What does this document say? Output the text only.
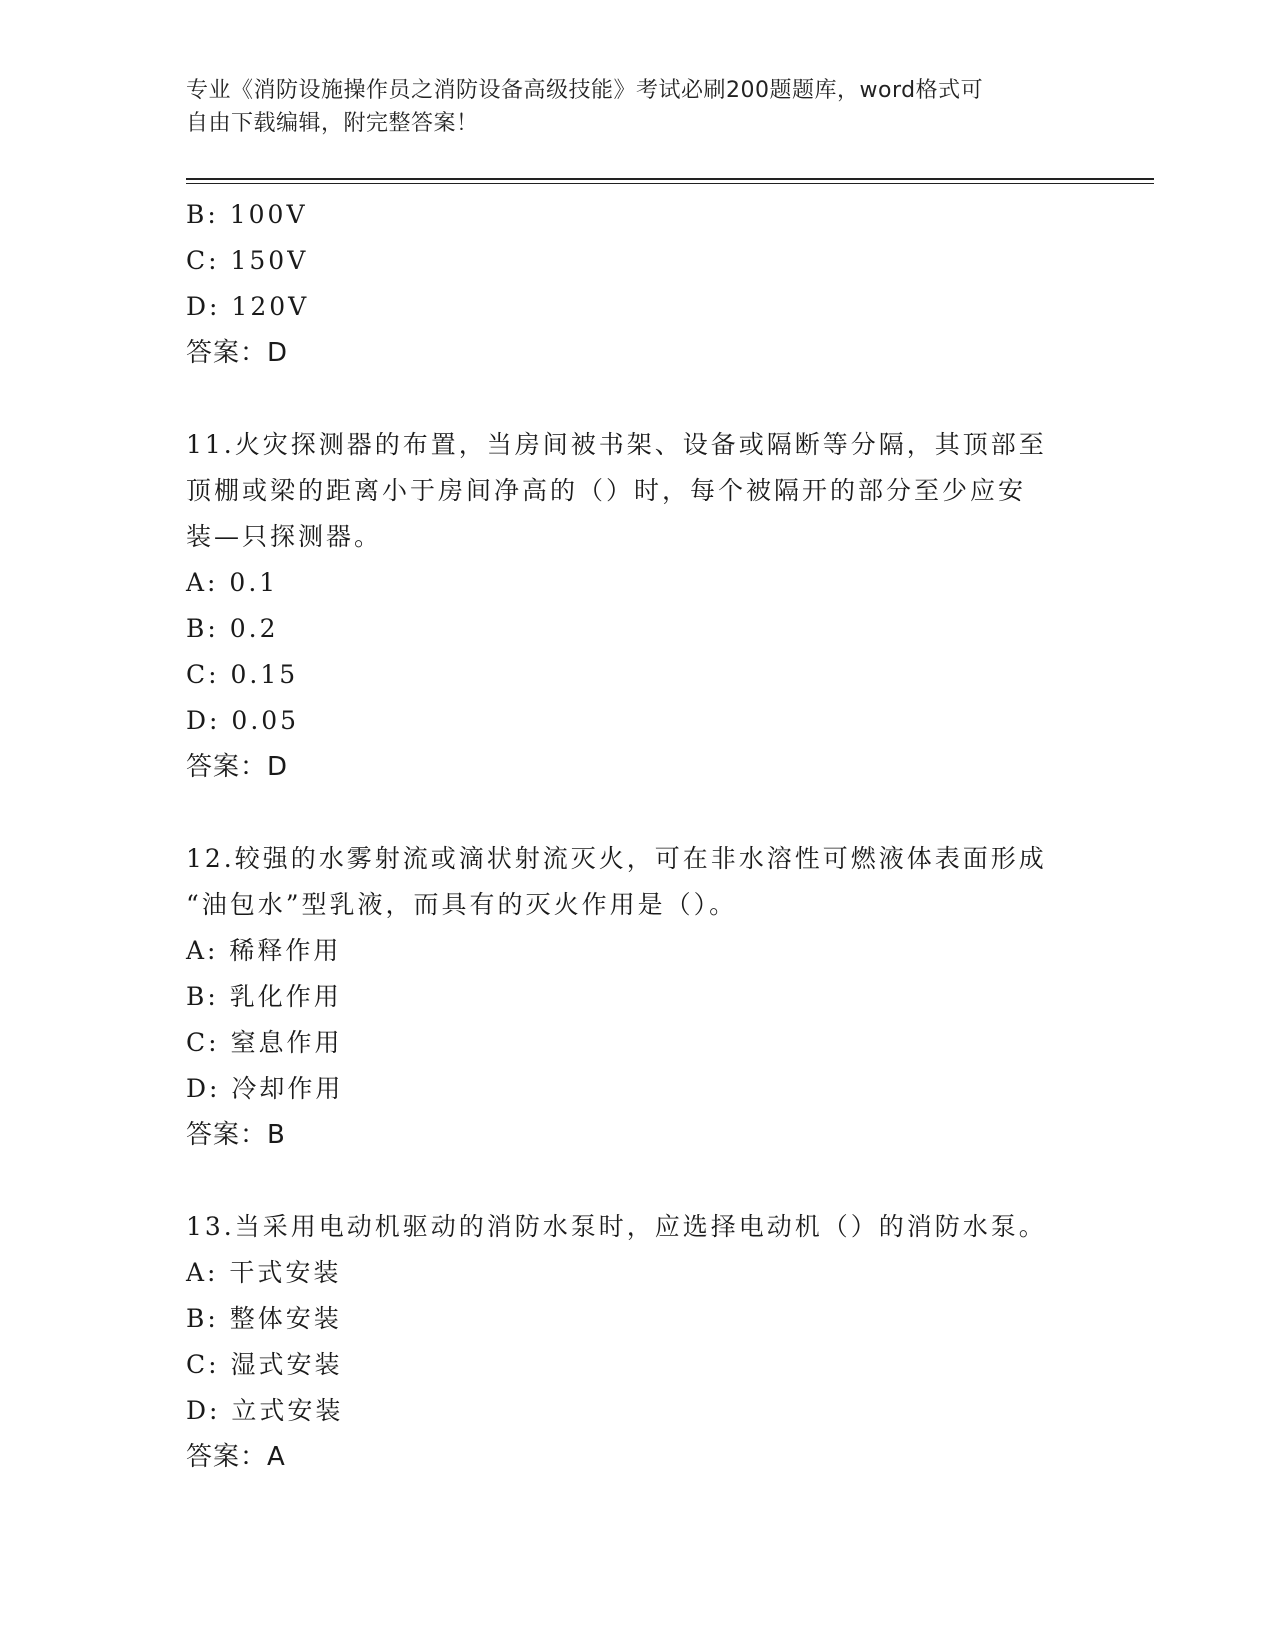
专业《消防设施操作员之消防设备高级技能》考试必刷200题题库，word格式可
自由下载编辑，附完整答案！
B: 100V
C: 150V
D: 120V
答案：D
11.火灾探测器的布置，当房间被书架、设备或隔断等分隔，其顶部至
顶棚或梁的距离小于房间净高的（）时，每个被隔开的部分至少应安
装—只探测器。
A: 0.1
B: 0.2
C: 0.15
D: 0.05
答案：D
12.较强的水雾射流或滴状射流灭火，可在非水溶性可燃液体表面形成
“油包水”型乳液，而具有的灭火作用是（）。
A: 稀释作用
B: 乳化作用
C: 窒息作用
D: 冷却作用
答案：B
13.当采用电动机驱动的消防水泵时，应选择电动机（）的消防水泵。
A: 干式安装
B: 整体安装
C: 湿式安装
D: 立式安装
答案：A
